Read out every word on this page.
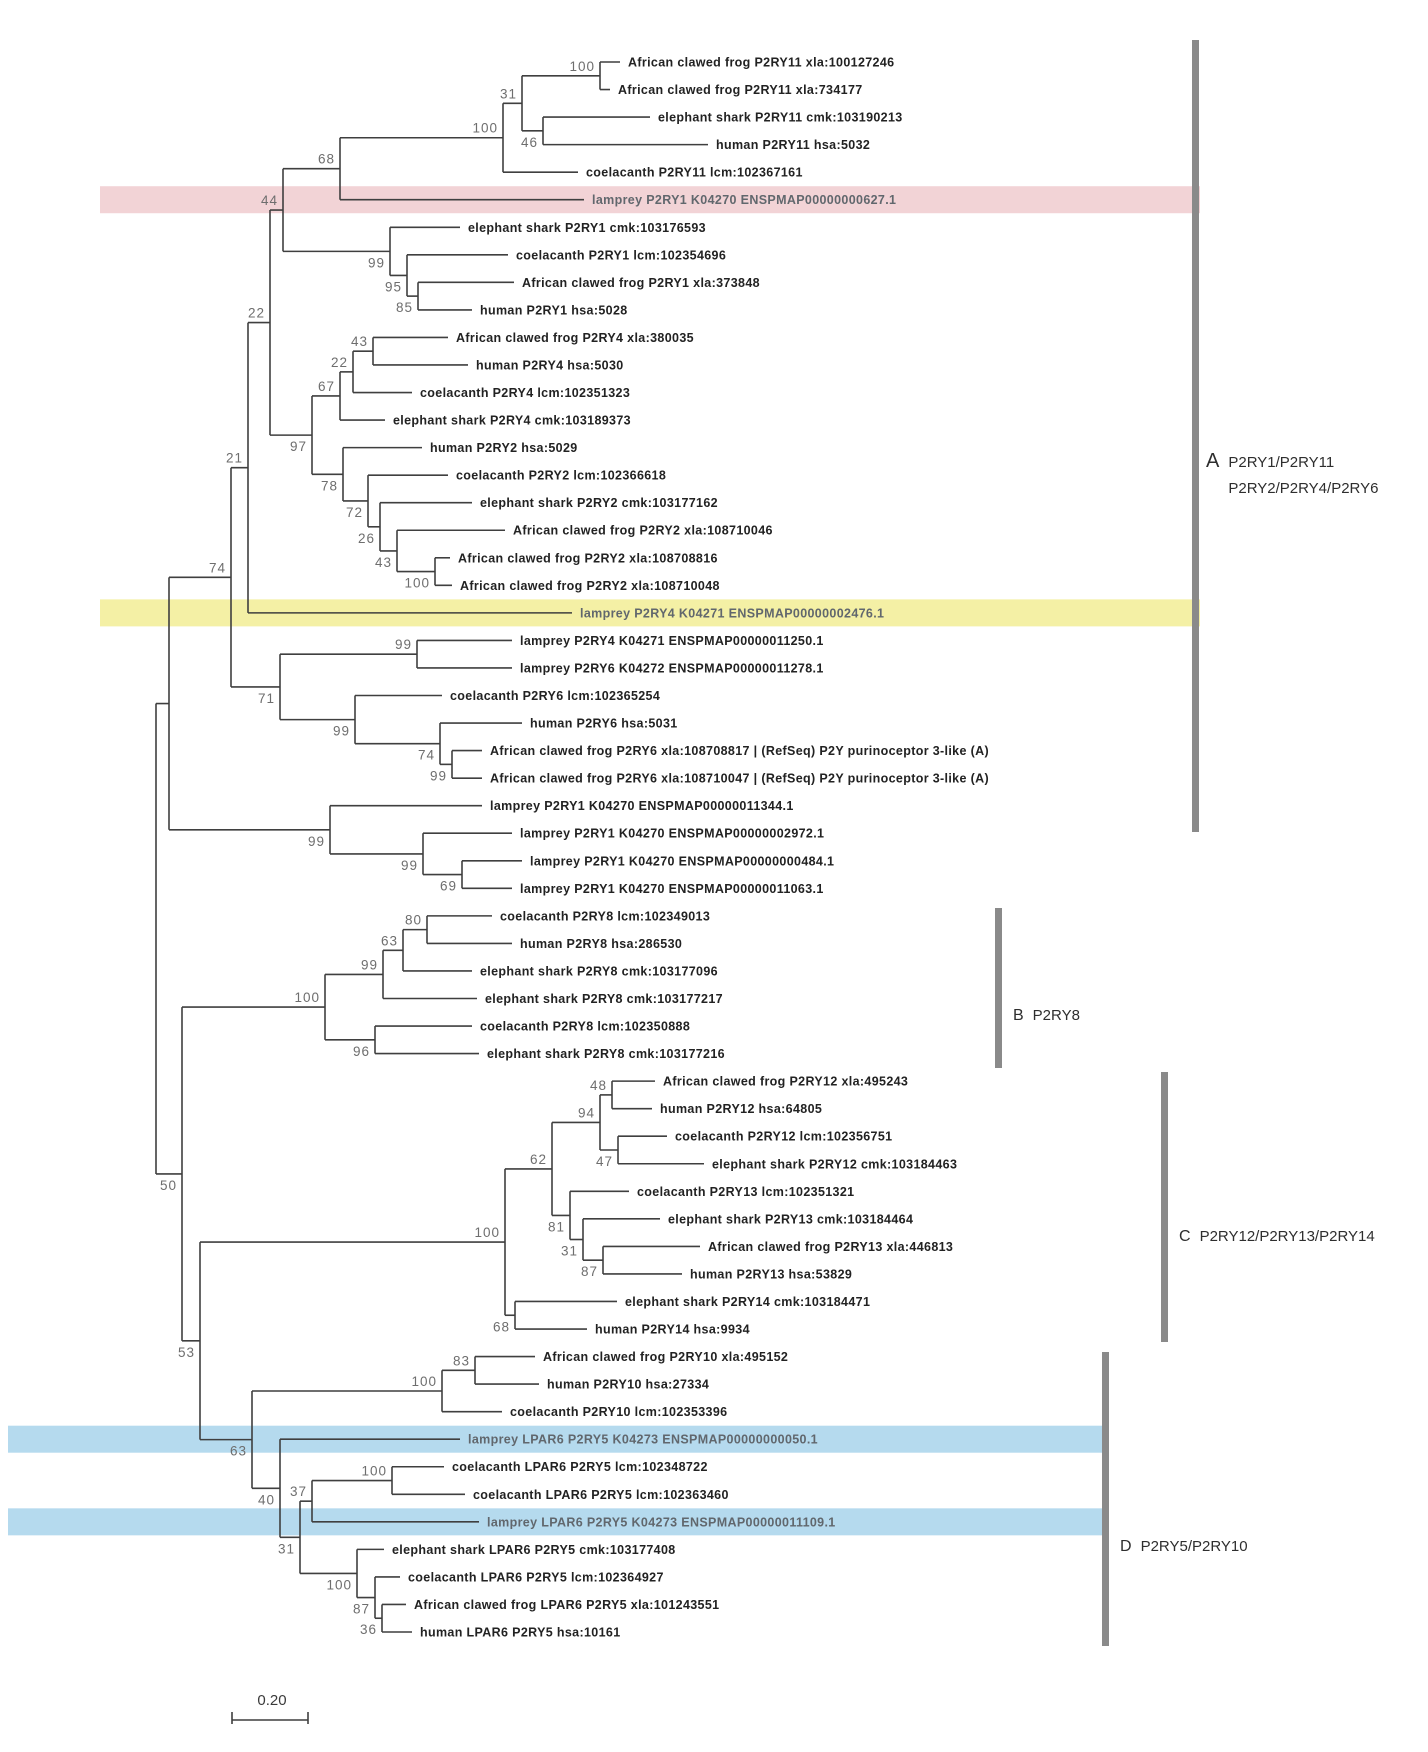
74
21
22
44
68
100
31
100
46
99
95
85
97
67
22
43
78
72
26
43
100
71
99
99
74
99
99
99
69
50
100
99
63
80
96
53
100
62
94
48
47
81
31
87
68
63
100
83
40
31
37
100
100
87
36
African clawed frog P2RY11 xla:100127246
African clawed frog P2RY11 xla:734177
elephant shark P2RY11 cmk:103190213
human P2RY11 hsa:5032
coelacanth P2RY11 lcm:102367161
lamprey P2RY1 K04270 ENSPMAP00000000627.1
elephant shark P2RY1 cmk:103176593
coelacanth P2RY1 lcm:102354696
African clawed frog P2RY1 xla:373848
human P2RY1 hsa:5028
African clawed frog P2RY4 xla:380035
human P2RY4 hsa:5030
coelacanth P2RY4 lcm:102351323
elephant shark P2RY4 cmk:103189373
human P2RY2 hsa:5029
coelacanth P2RY2 lcm:102366618
elephant shark P2RY2 cmk:103177162
African clawed frog P2RY2 xla:108710046
African clawed frog P2RY2 xla:108708816
African clawed frog P2RY2 xla:108710048
lamprey P2RY4 K04271 ENSPMAP00000002476.1
lamprey P2RY4 K04271 ENSPMAP00000011250.1
lamprey P2RY6 K04272 ENSPMAP00000011278.1
coelacanth P2RY6 lcm:102365254
human P2RY6 hsa:5031
African clawed frog P2RY6 xla:108708817 | (RefSeq) P2Y purinoceptor 3-like (A)
African clawed frog P2RY6 xla:108710047 | (RefSeq) P2Y purinoceptor 3-like (A)
lamprey P2RY1 K04270 ENSPMAP00000011344.1
lamprey P2RY1 K04270 ENSPMAP00000002972.1
lamprey P2RY1 K04270 ENSPMAP00000000484.1
lamprey P2RY1 K04270 ENSPMAP00000011063.1
coelacanth P2RY8 lcm:102349013
human P2RY8 hsa:286530
elephant shark P2RY8 cmk:103177096
elephant shark P2RY8 cmk:103177217
coelacanth P2RY8 lcm:102350888
elephant shark P2RY8 cmk:103177216
African clawed frog P2RY12 xla:495243
human P2RY12 hsa:64805
coelacanth P2RY12 lcm:102356751
elephant shark P2RY12 cmk:103184463
coelacanth P2RY13 lcm:102351321
elephant shark P2RY13 cmk:103184464
African clawed frog P2RY13 xla:446813
human P2RY13 hsa:53829
elephant shark P2RY14 cmk:103184471
human P2RY14 hsa:9934
African clawed frog P2RY10 xla:495152
human P2RY10 hsa:27334
coelacanth P2RY10 lcm:102353396
lamprey LPAR6 P2RY5 K04273 ENSPMAP00000000050.1
coelacanth LPAR6 P2RY5 lcm:102348722
coelacanth LPAR6 P2RY5 lcm:102363460
lamprey LPAR6 P2RY5 K04273 ENSPMAP00000011109.1
elephant shark LPAR6 P2RY5 cmk:103177408
coelacanth LPAR6 P2RY5 lcm:102364927
African clawed frog LPAR6 P2RY5 xla:101243551
human LPAR6 P2RY5 hsa:10161
A P2RY1/P2RY11
P2RY2/P2RY4/P2RY6
B P2RY8
C P2RY12/P2RY13/P2RY14
D P2RY5/P2RY10
0.20
